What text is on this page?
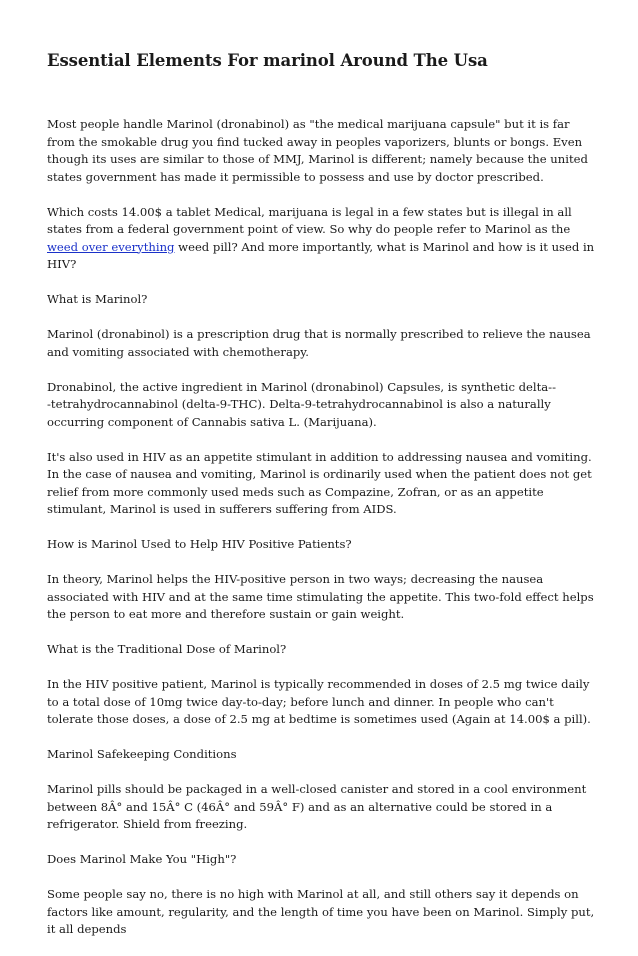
Essential Elements For marinol Around The Usa

Most people handle Marinol (dronabinol) as "the medical marijuana capsule" but it is far from the smokable drug you find tucked away in peoples vaporizers, blunts or bongs. Even though its uses are similar to those of MMJ, Marinol is different; namely because the united states government has made it permissible to possess and use by doctor prescribed.

Which costs 14.00$ a tablet Medical, marijuana is legal in a few states but is illegal in all states from a federal government point of view. So why do people refer to Marinol as the weed over everything weed pill? And more importantly, what is Marinol and how is it used in HIV?

What is Marinol?

Marinol (dronabinol) is a prescription drug that is normally prescribed to relieve the nausea and vomiting associated with chemotherapy.

Dronabinol, the active ingredient in Marinol (dronabinol) Capsules, is synthetic delta--
-tetrahydrocannabinol (delta-9-THC). Delta-9-tetrahydrocannabinol is also a naturally occurring component of Cannabis sativa L. (Marijuana).

It's also used in HIV as an appetite stimulant in addition to addressing nausea and vomiting. In the case of nausea and vomiting, Marinol is ordinarily used when the patient does not get relief from more commonly used meds such as Compazine, Zofran, or as an appetite stimulant, Marinol is used in sufferers suffering from AIDS.

How is Marinol Used to Help HIV Positive Patients?

In theory, Marinol helps the HIV-positive person in two ways; decreasing the nausea associated with HIV and at the same time stimulating the appetite. This two-fold effect helps the person to eat more and therefore sustain or gain weight.

What is the Traditional Dose of Marinol?

In the HIV positive patient, Marinol is typically recommended in doses of 2.5 mg twice daily to a total dose of 10mg twice day-to-day; before lunch and dinner. In people who can't tolerate those doses, a dose of 2.5 mg at bedtime is sometimes used (Again at 14.00$ a pill).

Marinol Safekeeping Conditions

Marinol pills should be packaged in a well-closed canister and stored in a cool environment between 8Â° and 15Â° C (46Â° and 59Â° F) and as an alternative could be stored in a refrigerator. Shield from freezing.

Does Marinol Make You "High"?

Some people say no, there is no high with Marinol at all, and still others say it depends on factors like amount, regularity, and the length of time you have been on Marinol. Simply put, it all depends
